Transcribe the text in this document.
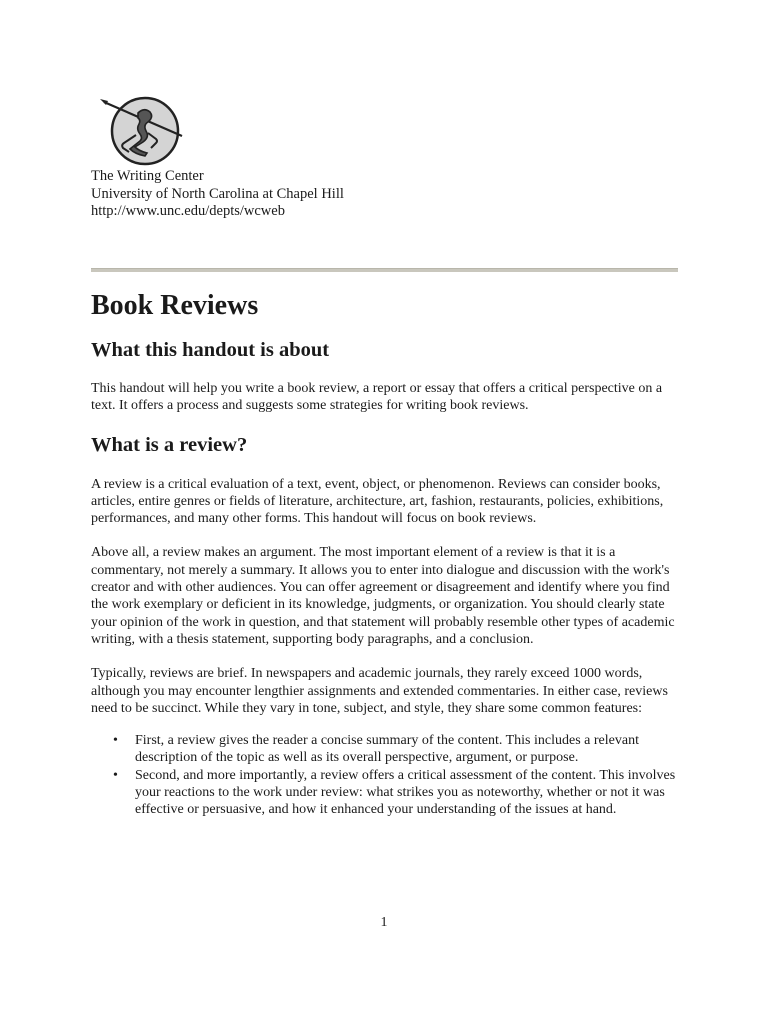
The Writing Center
University of North Carolina at Chapel Hill
http://www.unc.edu/depts/wcweb
Book Reviews
What this handout is about

This handout will help you write a book review, a report or essay that offers a critical perspective on a text. It offers a process and suggests some strategies for writing book reviews.

What is a review?

A review is a critical evaluation of a text, event, object, or phenomenon. Reviews can consider books, articles, entire genres or fields of literature, architecture, art, fashion, restaurants, policies, exhibitions, performances, and many other forms. This handout will focus on book reviews.

Above all, a review makes an argument. The most important element of a review is that it is a commentary, not merely a summary. It allows you to enter into dialogue and discussion with the work's creator and with other audiences. You can offer agreement or disagreement and identify where you find the work exemplary or deficient in its knowledge, judgments, or organization. You should clearly state your opinion of the work in question, and that statement will probably resemble other types of academic writing, with a thesis statement, supporting body paragraphs, and a conclusion.

Typically, reviews are brief. In newspapers and academic journals, they rarely exceed 1000 words, although you may encounter lengthier assignments and extended commentaries. In either case, reviews need to be succinct. While they vary in tone, subject, and style, they share some common features:

• First, a review gives the reader a concise summary of the content. This includes a relevant description of the topic as well as its overall perspective, argument, or purpose.
• Second, and more importantly, a review offers a critical assessment of the content. This involves your reactions to the work under review: what strikes you as noteworthy, whether or not it was effective or persuasive, and how it enhanced your understanding of the issues at hand.
1
